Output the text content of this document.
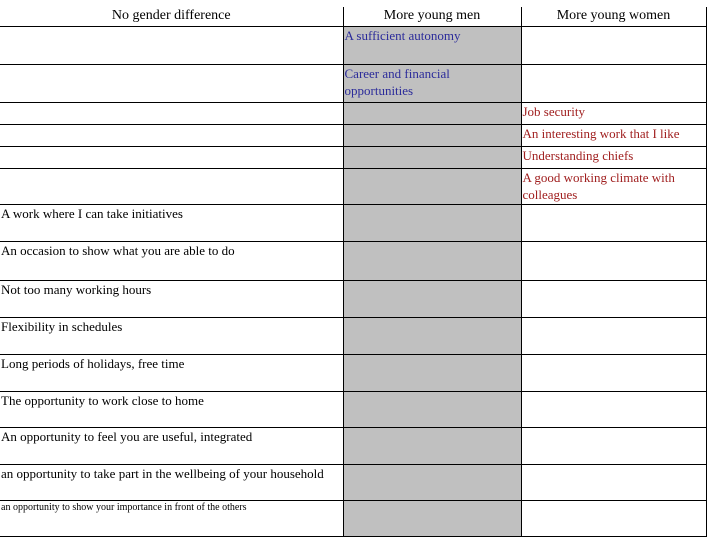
No gender difference	More young men	More young women
	A sufficient autonomy	
	Career and financial opportunities	
		Job security
		An interesting work that I like
		Understanding chiefs
		A good working climate with colleagues
A work where I can take initiatives		
An occasion to show what you are able to do		
Not too many working hours		
Flexibility in schedules		
Long periods of holidays, free time		
The opportunity to work close to home		
An opportunity to feel you are useful, integrated		
an opportunity to take part in the wellbeing of your household		
an opportunity to show your importance in front of the others		
